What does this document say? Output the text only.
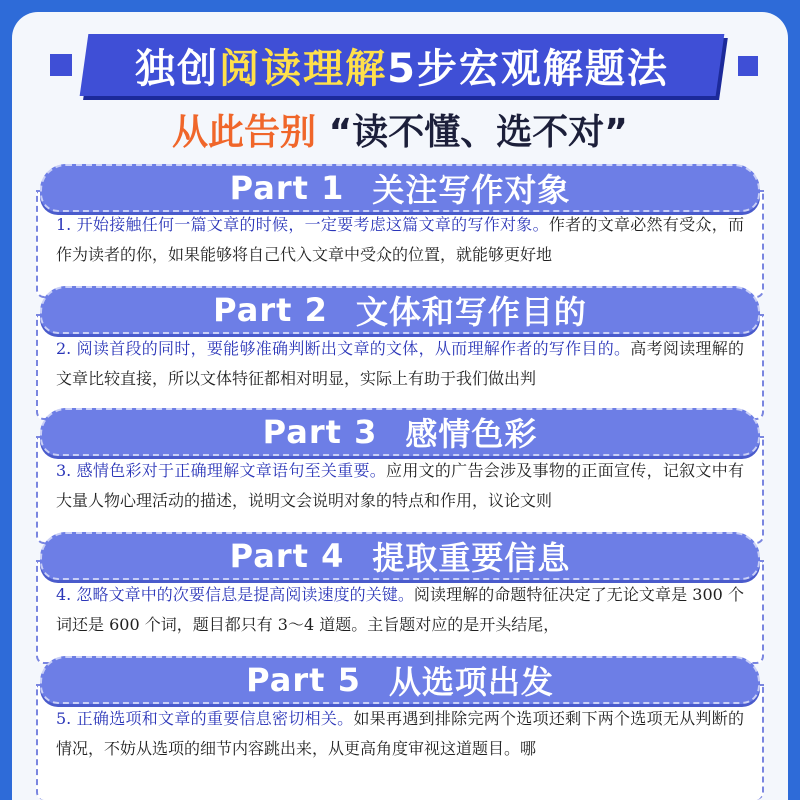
独创 阅读理解 5步宏观解题法
从此告别 “读不懂、选不对”
1. 开始接触任何一篇文章的时候，一定要考虑这篇文章的写作对象。作者的文章必然有受众，而作为读者的你，如果能够将自己代入文章中受众的位置，就能够更好地
Part 1 关注写作对象
2. 阅读首段的同时，要能够准确判断出文章的文体，从而理解作者的写作目的。高考阅读理解的文章比较直接，所以文体特征都相对明显，实际上有助于我们做出判
Part 2 文体和写作目的
3. 感情色彩对于正确理解文章语句至关重要。应用文的广告会涉及事物的正面宣传，记叙文中有大量人物心理活动的描述，说明文会说明对象的特点和作用，议论文则
Part 3 感情色彩
4. 忽略文章中的次要信息是提高阅读速度的关键。阅读理解的命题特征决定了无论文章是 300 个词还是 600 个词，题目都只有 3～4 道题。主旨题对应的是开头结尾，
Part 4 提取重要信息
5. 正确选项和文章的重要信息密切相关。如果再遇到排除完两个选项还剩下两个选项无从判断的情况，不妨从选项的细节内容跳出来，从更高角度审视这道题目。哪
Part 5 从选项出发
